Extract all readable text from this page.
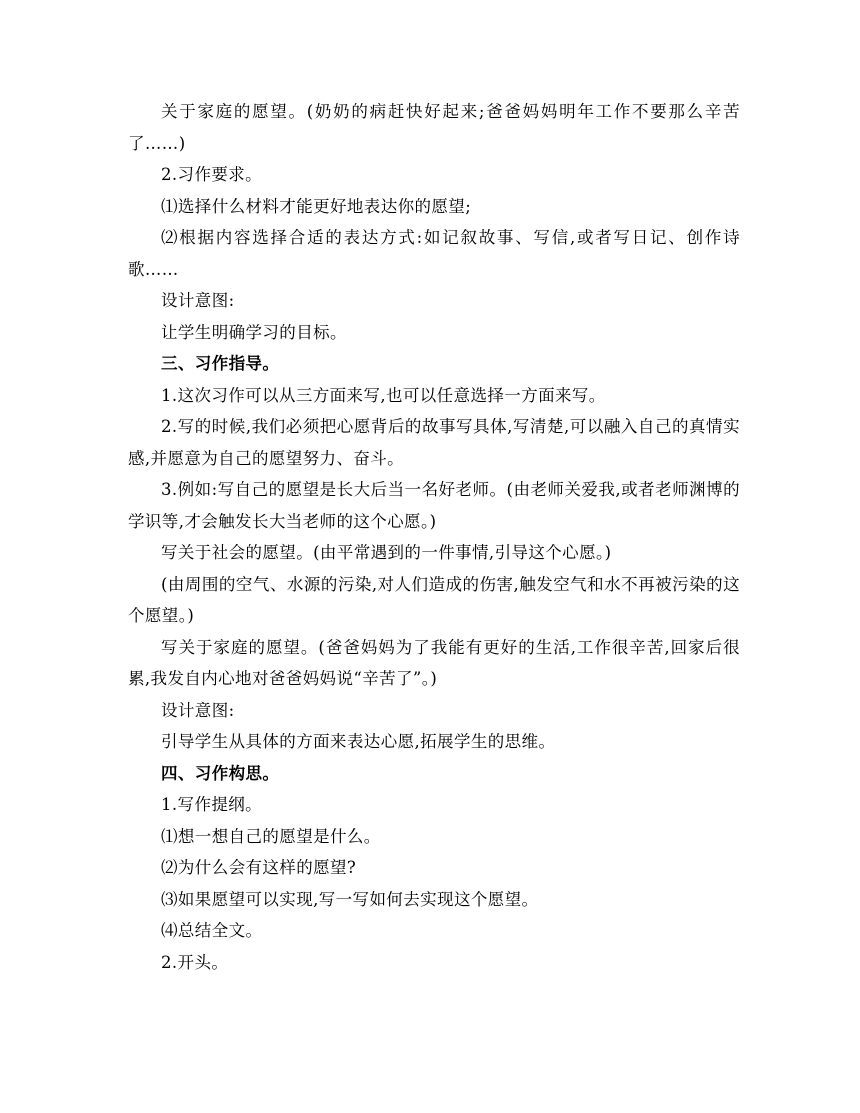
关于家庭的愿望。(奶奶的病赶快好起来;爸爸妈妈明年工作不要那么辛苦了……)

2.习作要求。

⑴选择什么材料才能更好地表达你的愿望;

⑵根据内容选择合适的表达方式:如记叙故事、写信,或者写日记、创作诗歌……

设计意图:

让学生明确学习的目标。

三、习作指导。

1.这次习作可以从三方面来写,也可以任意选择一方面来写。

2.写的时候,我们必须把心愿背后的故事写具体,写清楚,可以融入自己的真情实感,并愿意为自己的愿望努力、奋斗。

3.例如:写自己的愿望是长大后当一名好老师。(由老师关爱我,或者老师渊博的学识等,才会触发长大当老师的这个心愿。)

写关于社会的愿望。(由平常遇到的一件事情,引导这个心愿。)

(由周围的空气、水源的污染,对人们造成的伤害,触发空气和水不再被污染的这个愿望。)

写关于家庭的愿望。(爸爸妈妈为了我能有更好的生活,工作很辛苦,回家后很累,我发自内心地对爸爸妈妈说“辛苦了”。)

设计意图:

引导学生从具体的方面来表达心愿,拓展学生的思维。

四、习作构思。

1.写作提纲。

⑴想一想自己的愿望是什么。

⑵为什么会有这样的愿望?

⑶如果愿望可以实现,写一写如何去实现这个愿望。

⑷总结全文。

2.开头。
